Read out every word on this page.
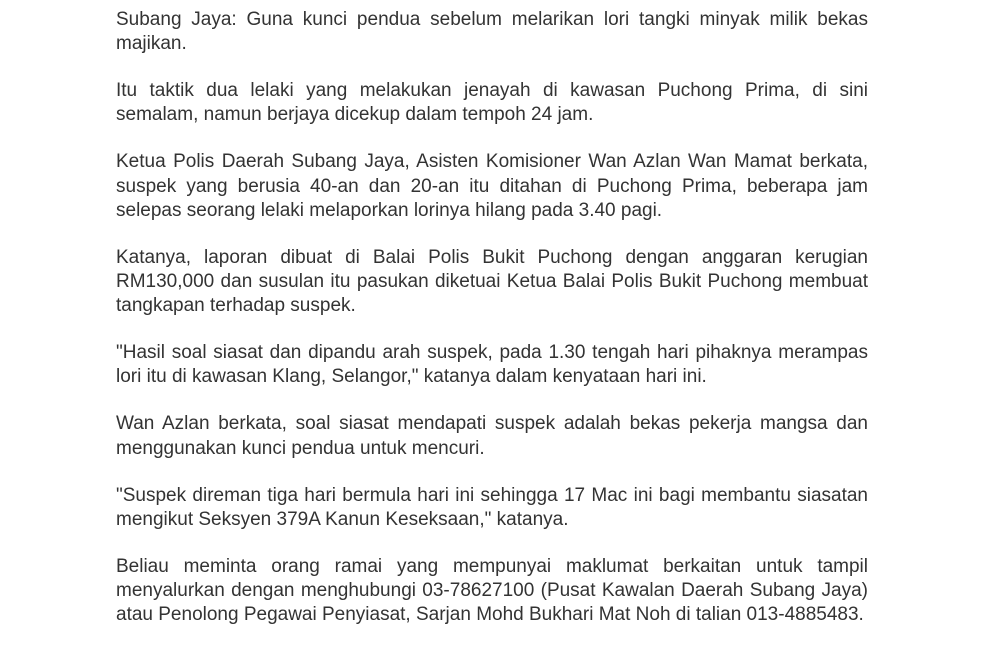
Subang Jaya: Guna kunci pendua sebelum melarikan lori tangki minyak milik bekas majikan.

Itu taktik dua lelaki yang melakukan jenayah di kawasan Puchong Prima, di sini semalam, namun berjaya dicekup dalam tempoh 24 jam.

Ketua Polis Daerah Subang Jaya, Asisten Komisioner Wan Azlan Wan Mamat berkata, suspek yang berusia 40-an dan 20-an itu ditahan di Puchong Prima, beberapa jam selepas seorang lelaki melaporkan lorinya hilang pada 3.40 pagi.

Katanya, laporan dibuat di Balai Polis Bukit Puchong dengan anggaran kerugian RM130,000 dan susulan itu pasukan diketuai Ketua Balai Polis Bukit Puchong membuat tangkapan terhadap suspek.

"Hasil soal siasat dan dipandu arah suspek, pada 1.30 tengah hari pihaknya merampas lori itu di kawasan Klang, Selangor," katanya dalam kenyataan hari ini.

Wan Azlan berkata, soal siasat mendapati suspek adalah bekas pekerja mangsa dan menggunakan kunci pendua untuk mencuri.

"Suspek direman tiga hari bermula hari ini sehingga 17 Mac ini bagi membantu siasatan mengikut Seksyen 379A Kanun Keseksaan," katanya.

Beliau meminta orang ramai yang mempunyai maklumat berkaitan untuk tampil menyalurkan dengan menghubungi 03-78627100 (Pusat Kawalan Daerah Subang Jaya) atau Penolong Pegawai Penyiasat, Sarjan Mohd Bukhari Mat Noh di talian 013-4885483.
